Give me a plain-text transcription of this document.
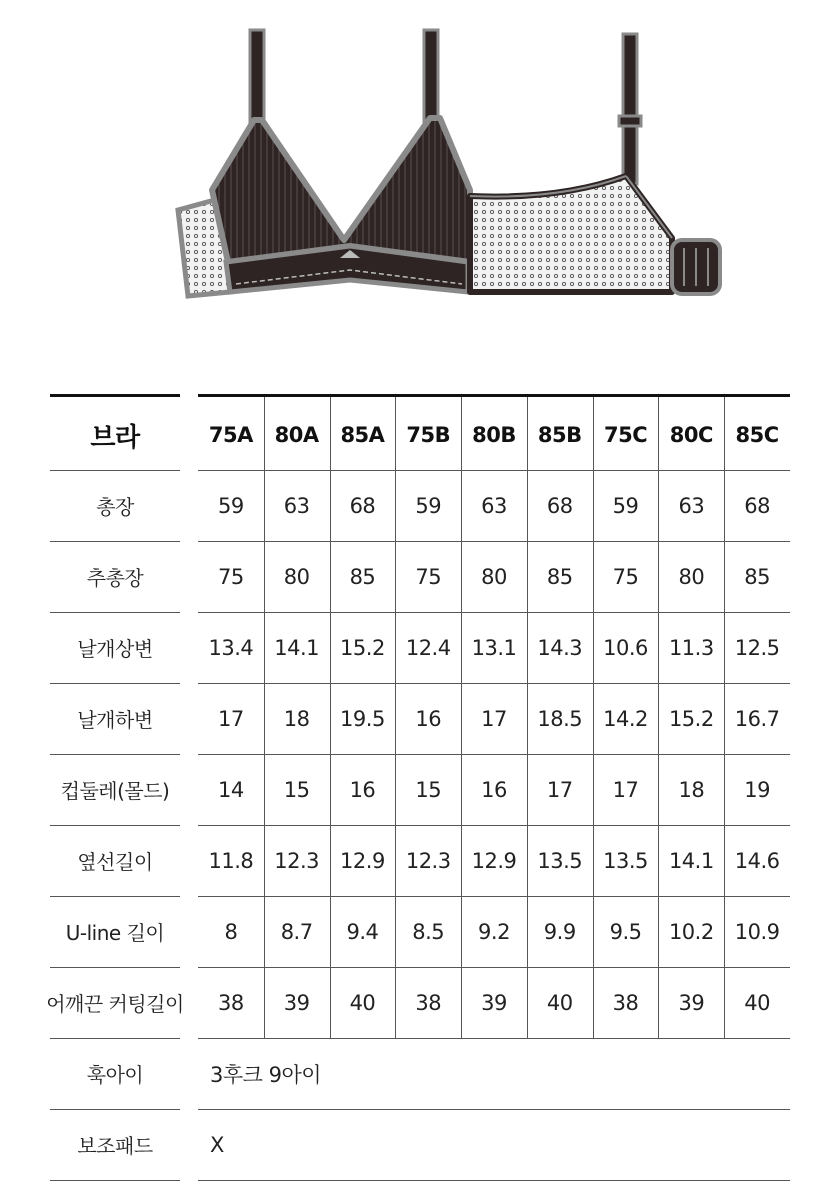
브라	75A	80A	85A	75B	80B	85B	75C	80C	85C
총장	59	63	68	59	63	68	59	63	68
추총장	75	80	85	75	80	85	75	80	85
날개상변	13.4	14.1	15.2	12.4	13.1	14.3	10.6	11.3	12.5
날개하변	17	18	19.5	16	17	18.5	14.2	15.2	16.7
컵둘레(몰드)	14	15	16	15	16	17	17	18	19
옆선길이	11.8	12.3	12.9	12.3	12.9	13.5	13.5	14.1	14.6
U-line 길이	8	8.7	9.4	8.5	9.2	9.9	9.5	10.2	10.9
어깨끈 커팅길이	38	39	40	38	39	40	38	39	40
훅아이	3후크 9아이
보조패드	X
